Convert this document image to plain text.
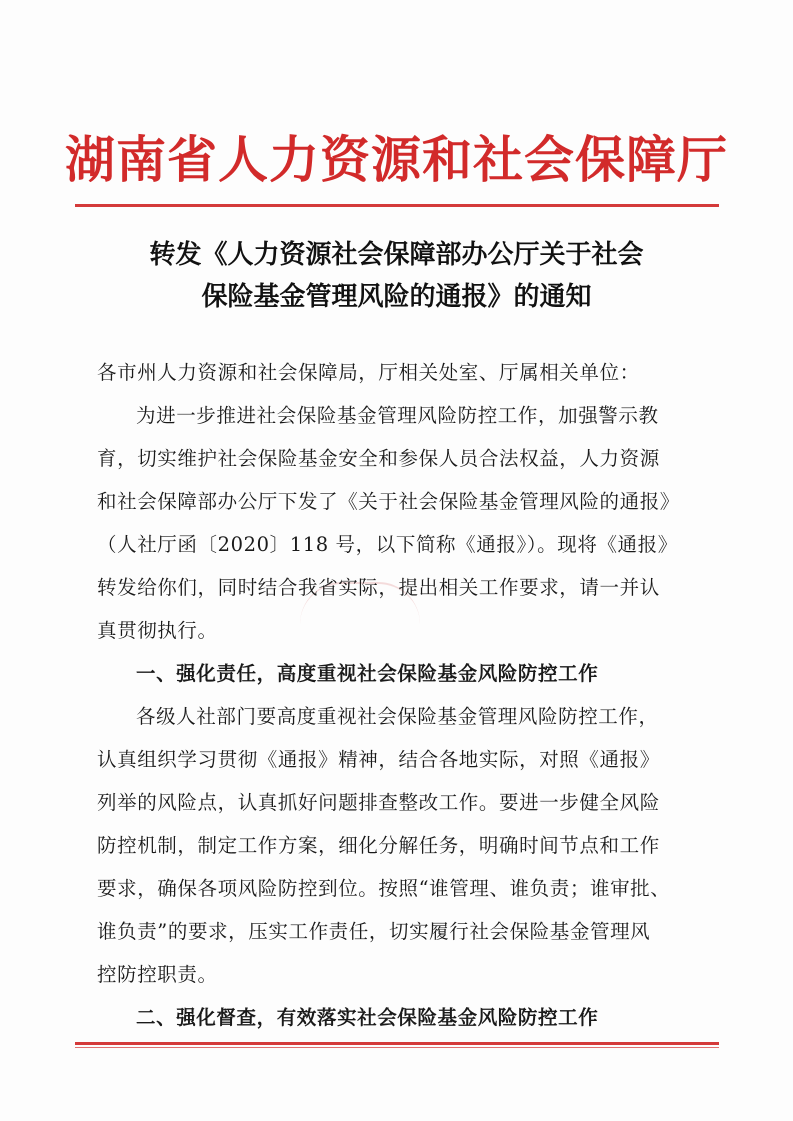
湖南省人力资源和社会保障厅
转发《人力资源社会保障部办公厅关于社会
保险基金管理风险的通报》的通知
各市州人力资源和社会保障局，厅相关处室、厅属相关单位：
为进一步推进社会保险基金管理风险防控工作，加强警示教
育，切实维护社会保险基金安全和参保人员合法权益，人力资源
和社会保障部办公厅下发了《关于社会保险基金管理风险的通报》
（人社厅函〔2020〕118 号，以下简称《通报》）。现将《通报》
转发给你们，同时结合我省实际，提出相关工作要求，请一并认
真贯彻执行。
一、强化责任，高度重视社会保险基金风险防控工作
各级人社部门要高度重视社会保险基金管理风险防控工作，
认真组织学习贯彻《通报》精神，结合各地实际，对照《通报》
列举的风险点，认真抓好问题排查整改工作。要进一步健全风险
防控机制，制定工作方案，细化分解任务，明确时间节点和工作
要求，确保各项风险防控到位。按照“谁管理、谁负责；谁审批、
谁负责”的要求，压实工作责任，切实履行社会保险基金管理风
控防控职责。
二、强化督查，有效落实社会保险基金风险防控工作
